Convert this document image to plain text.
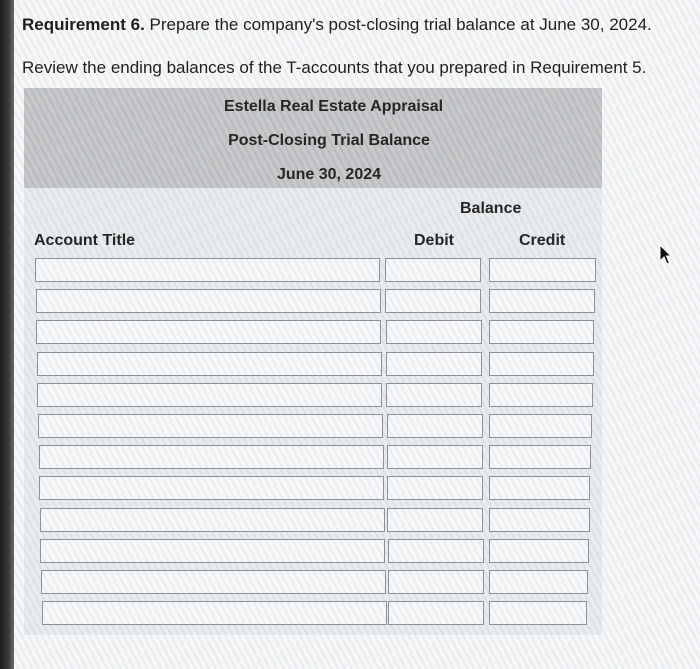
Requirement 6. Prepare the company's post-closing trial balance at June 30, 2024.
Review the ending balances of the T-accounts that you prepared in Requirement 5.
Estella Real Estate Appraisal
Post-Closing Trial Balance
June 30, 2024
Balance
Account Title	Debit	Credit
